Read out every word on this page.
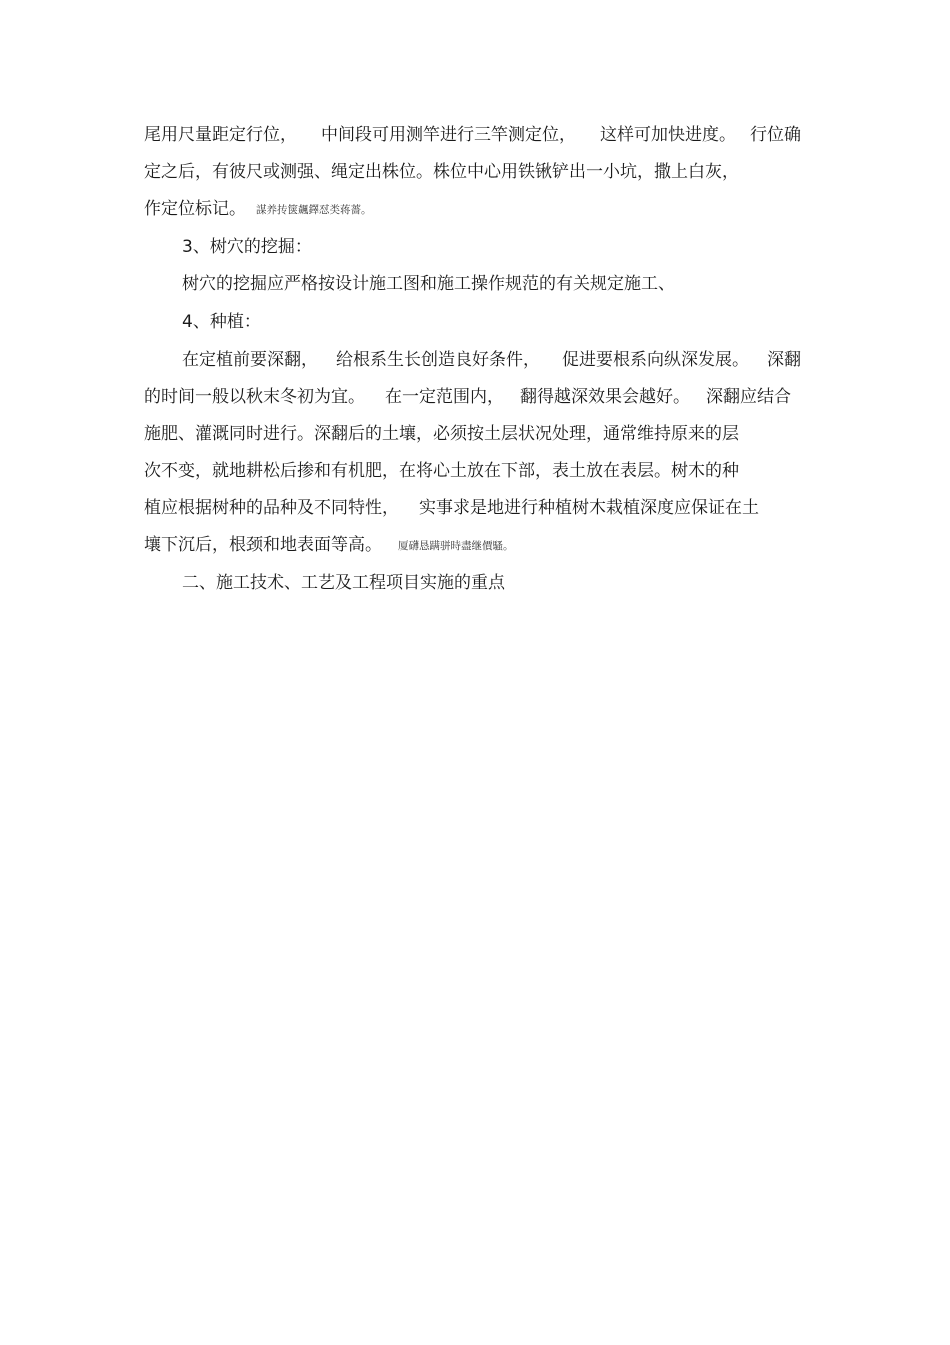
尾用尺量距定行位， 中间段可用测竿进行三竿测定位， 这样可加快进度。 行位确
定之后，有彼尺或测强、绳定出株位。株位中心用铁锹铲出一小坑，撒上白灰，
作定位标记。 謀养抟箧飆鐸怼类蒋薔。
3、树穴的挖掘：
树穴的挖掘应严格按设计施工图和施工操作规范的有关规定施工、
4、种植：
在定植前要深翻， 给根系生长创造良好条件， 促进要根系向纵深发展。 深翻
的时间一般以秋末冬初为宜。 在一定范围内， 翻得越深效果会越好。 深翻应结合
施肥、灌溉同时进行。深翻后的土壤，必须按土层状况处理，通常维持原来的层
次不变，就地耕松后掺和有机肥，在将心土放在下部，表土放在表层。树木的种
植应根据树种的品种及不同特性， 实事求是地进行种植树木栽植深度应保证在土
壤下沉后，根颈和地表面等高。 厦礴恳蹒骈時盡继價騷。
二、施工技术、工艺及工程项目实施的重点
